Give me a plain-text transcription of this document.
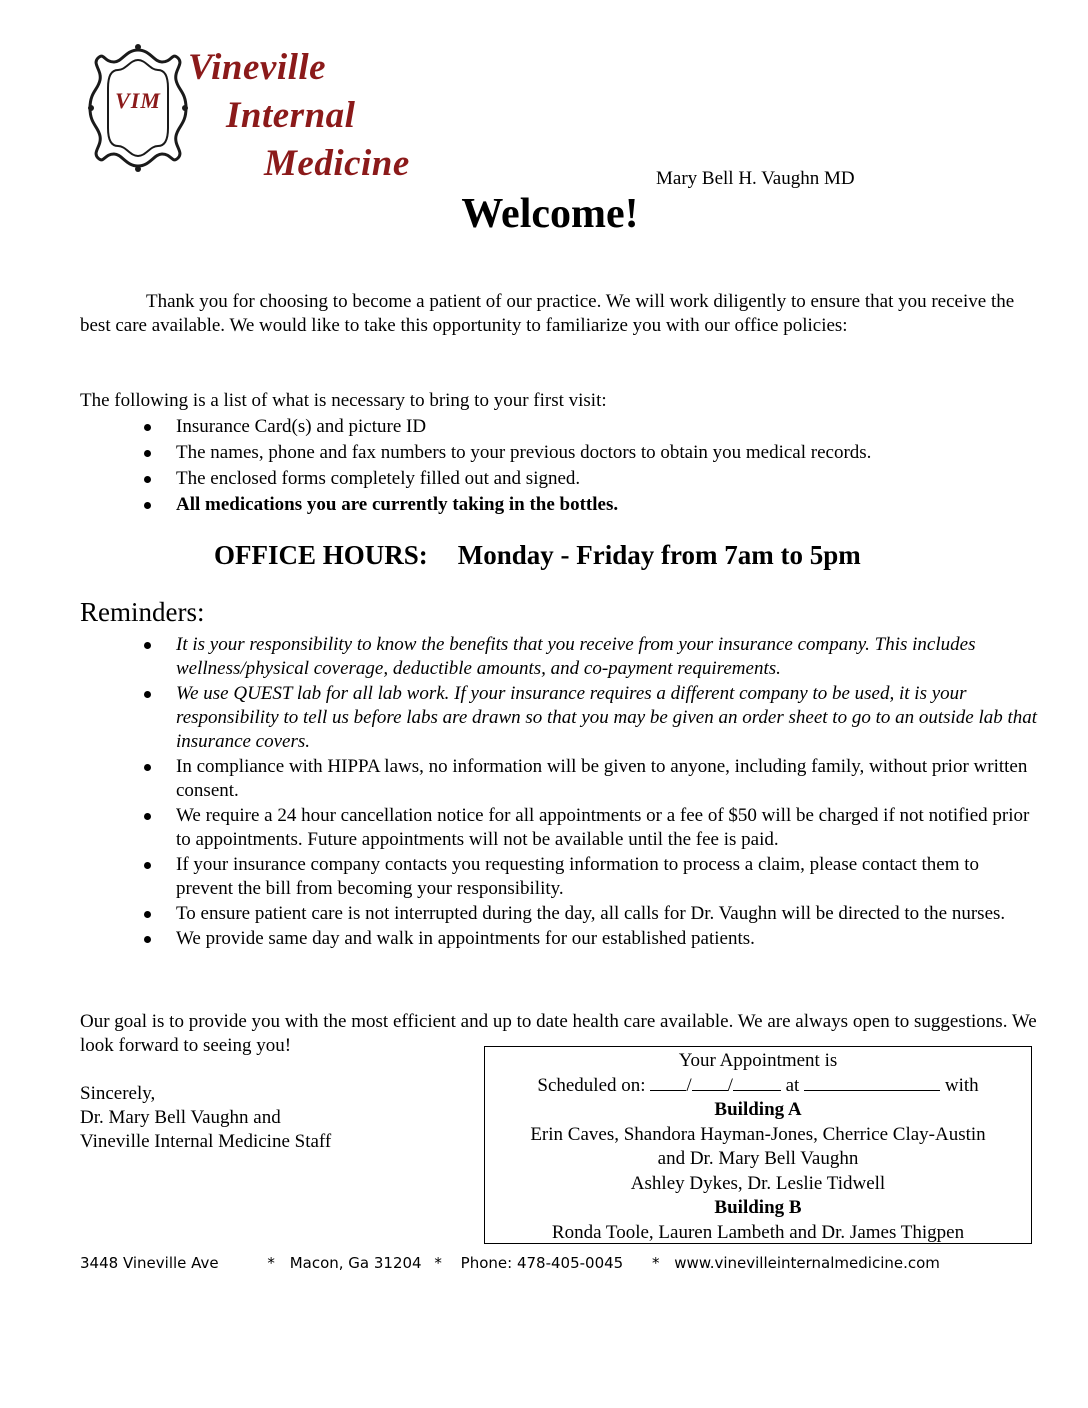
VIM
Vineville
Internal
Medicine	Mary Bell H. Vaughn MD
Welcome!
Thank you for choosing to become a patient of our practice. We will work diligently to ensure that you receive the best care available. We would like to take this opportunity to familiarize you with our office policies:
The following is a list of what is necessary to bring to your first visit:
Insurance Card(s) and picture ID
The names, phone and fax numbers to your previous doctors to obtain you medical records.
The enclosed forms completely filled out and signed.
All medications you are currently taking in the bottles.
OFFICE HOURS: Monday - Friday from 7am to 5pm
Reminders:
It is your responsibility to know the benefits that you receive from your insurance company. This includes wellness/physical coverage, deductible amounts, and co-payment requirements.
We use QUEST lab for all lab work. If your insurance requires a different company to be used, it is your responsibility to tell us before labs are drawn so that you may be given an order sheet to go to an outside lab that insurance covers.
In compliance with HIPPA laws, no information will be given to anyone, including family, without prior written consent.
We require a 24 hour cancellation notice for all appointments or a fee of $50 will be charged if not notified prior to appointments. Future appointments will not be available until the fee is paid.
If your insurance company contacts you requesting information to process a claim, please contact them to prevent the bill from becoming your responsibility.
To ensure patient care is not interrupted during the day, all calls for Dr. Vaughn will be directed to the nurses.
We provide same day and walk in appointments for our established patients.
Our goal is to provide you with the most efficient and up to date health care available. We are always open to suggestions. We look forward to seeing you!
Sincerely,
Dr. Mary Bell Vaughn and
Vineville Internal Medicine Staff
Your Appointment is
Scheduled on: / /	at	with
Building A
Erin Caves, Shandora Hayman-Jones, Cherrice Clay-Austin
and Dr. Mary Bell Vaughn
Ashley Dykes, Dr. Leslie Tidwell
Building B
Ronda Toole, Lauren Lambeth and Dr. James Thigpen
3448 Vineville Ave	* Macon, Ga 31204 * Phone: 478-405-0045 * www.vinevilleinternalmedicine.com
